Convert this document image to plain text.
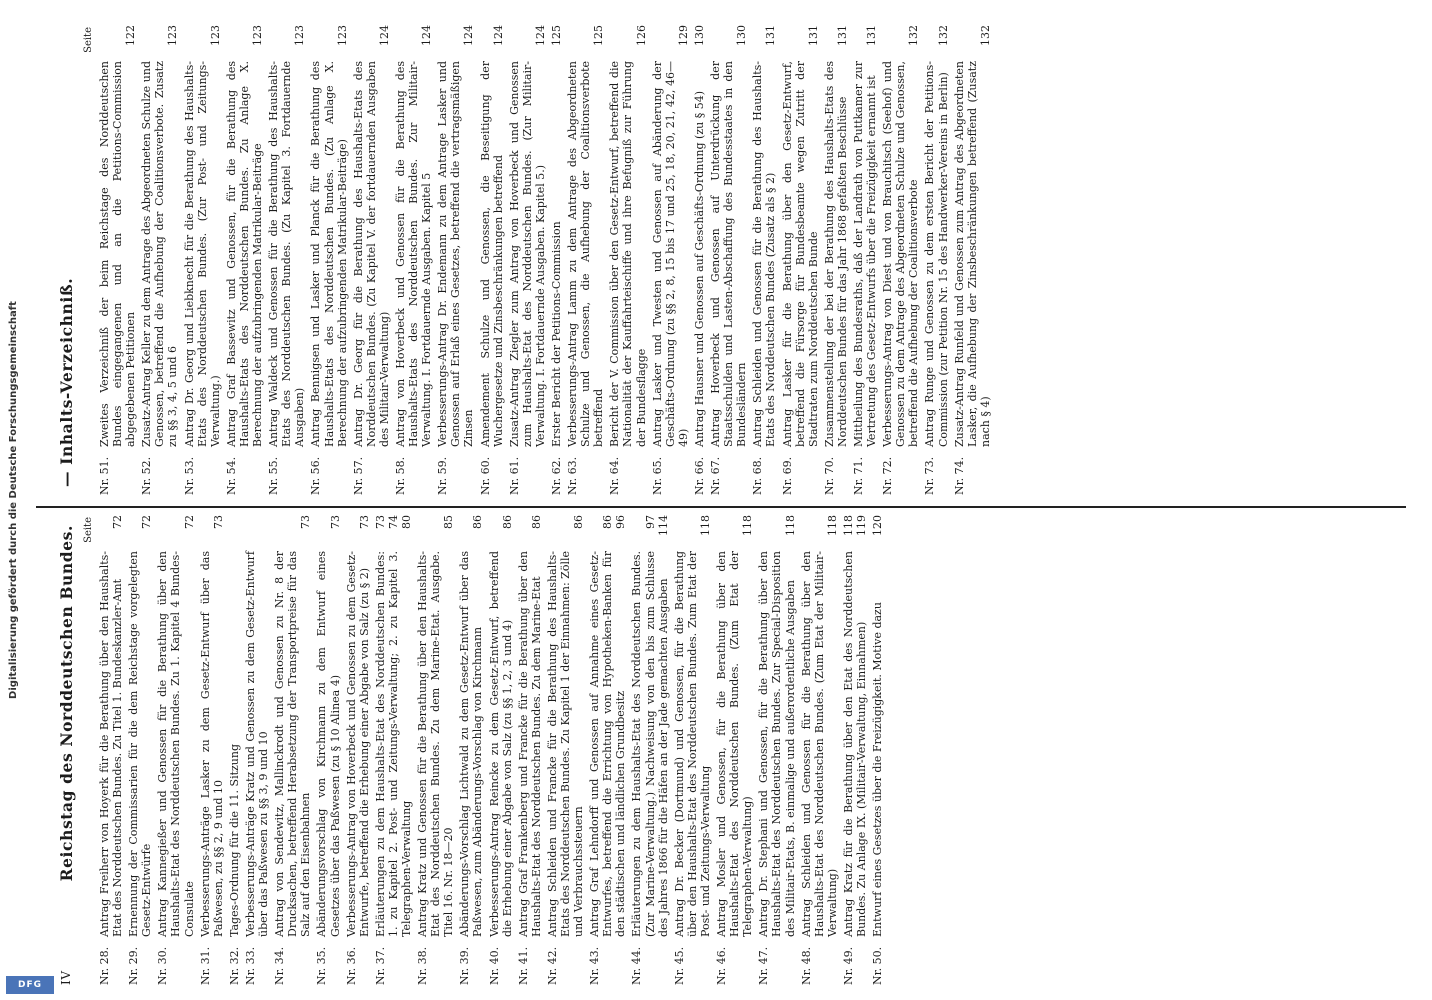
Digitalisierung gefördert durch die Deutsche Forschungsgemeinschaft
DFG IV
Reichstag des Norddeutschen Bundes. Seite
Nr. 28.
Antrag Freiherr von Hoyerk für die Berathung über den Haushalts-Etat des Norddeutschen Bundes. Zu Titel 1. Bundeskanzler-Amt
72
Nr. 29.
Ernennung der Commissarien für die dem Reichstage vorgelegten Gesetz-Entwürfe
72
Nr. 30.
Antrag Kannegießer und Genossen für die Berathung über den Haushalts-Etat des Norddeutschen Bundes. Zu 1. Kapitel 4 Bundes-Consulate
72
Nr. 31.
Verbesserungs-Anträge Lasker zu dem Gesetz-Entwurf über das Paßwesen, zu §§ 2, 9 und 10
73
Nr. 32.
Tages-Ordnung für die 11. Sitzung
Nr. 33.
Verbesserungs-Anträge Kratz und Genossen zu dem Gesetz-Entwurf über das Paßwesen zu §§ 3, 9 und 10
Nr. 34.
Antrag von Sendewitz, Mallinckrodt und Genossen zu Nr. 8 der Drucksachen, betreffend Herabsetzung der Transportpreise für das Salz auf den Eisenbahnen
73
Nr. 35.
Abänderungsvorschlag von Kirchmann zu dem Entwurf eines Gesetzes über das Paßwesen (zu § 10 Alinea 4)
73
Nr. 36.
Verbesserungs-Antrag von Hoverbeck und Genossen zu dem Gesetz-Entwurfe, betreffend die Erhebung einer Abgabe von Salz (zu § 2)
73
Nr. 37.
Erläuterungen zu dem Haushalts-Etat des Norddeutschen Bundes: 1. zu Kapitel 2. Post- und Zeitungs-Verwaltung; 2. zu Kapitel 3. Telegraphen-Verwaltung
73 74 80
Nr. 38.
Antrag Kratz und Genossen für die Berathung über den Haushalts-Etat des Norddeutschen Bundes. Zu dem Marine-Etat. Ausgabe. Titel 16. Nr. 18—20
85
Nr. 39.
Abänderungs-Vorschlag Lichtwald zu dem Gesetz-Entwurf über das Paßwesen, zum Abänderungs-Vorschlag von Kirchmann
86
Nr. 40.
Verbesserungs-Antrag Reincke zu dem Gesetz-Entwurf, betreffend die Erhebung einer Abgabe von Salz (zu §§ 1, 2, 3 und 4)
86
Nr. 41.
Antrag Graf Frankenberg und Francke für die Berathung über den Haushalts-Etat des Norddeutschen Bundes. Zu dem Marine-Etat
86
Nr. 42.
Antrag Schleiden und Francke für die Berathung des Haushalts-Etats des Norddeutschen Bundes. Zu Kapitel 1 der Einnahmen: Zölle und Verbrauchssteuern
86
Nr. 43.
Antrag Graf Lehndorff und Genossen auf Annahme eines Gesetz-Entwurfes, betreffend die Errichtung von Hypotheken-Banken für den städtischen und ländlichen Grundbesitz
86 96
Nr. 44.
Erläuterungen zu dem Haushalts-Etat des Norddeutschen Bundes. (Zur Marine-Verwaltung.) Nachweisung von den bis zum Schlusse des Jahres 1866 für die Häfen an der Jade gemachten Ausgaben
97 114
Nr. 45.
Antrag Dr. Becker (Dortmund) und Genossen, für die Berathung über den Haushalts-Etat des Norddeutschen Bundes. Zum Etat der Post- und Zeitungs-Verwaltung
118
Nr. 46.
Antrag Mosler und Genossen, für die Berathung über den Haushalts-Etat des Norddeutschen Bundes. (Zum Etat der Telegraphen-Verwaltung)
118
Nr. 47.
Antrag Dr. Stephani und Genossen, für die Berathung über den Haushalts-Etat des Norddeutschen Bundes. Zur Special-Disposition des Militair-Etats, B. einmalige und außerordentliche Ausgaben
118
Nr. 48.
Antrag Schleiden und Genossen für die Berathung über den Haushalts-Etat des Norddeutschen Bundes. (Zum Etat der Militair-Verwaltung)
118
Nr. 49.
Antrag Kratz für die Berathung über den Etat des Norddeutschen Bundes. Zu Anlage IX. (Militair-Verwaltung, Einnahmen)
118 119
Nr. 50.
Entwurf eines Gesetzes über die Freizügigkeit. Motive dazu
120
— Inhalts-Verzeichniß.
Seite
Nr. 51.
Zweites Verzeichniß der beim Reichstage des Norddeutschen Bundes eingegangenen und an die Petitions-Commission abgegebenen Petitionen
122
Nr. 52.
Zusatz-Antrag Keller zu dem Antrage des Abgeordneten Schulze und Genossen, betreffend die Aufhebung der Coalitionsverbote. Zusatz zu §§ 3, 4, 5 und 6
123
Nr. 53.
Antrag Dr. Georg und Liebknecht für die Berathung des Haushalts-Etats des Norddeutschen Bundes. (Zur Post- und Zeitungs-Verwaltung.)
123
Nr. 54.
Antrag Graf Bassewitz und Genossen, für die Berathung des Haushalts-Etats des Norddeutschen Bundes. Zu Anlage X. Berechnung der aufzubringenden Matrikular-Beiträge
123
Nr. 55.
Antrag Waldeck und Genossen für die Berathung des Haushalts-Etats des Norddeutschen Bundes. (Zu Kapitel 3. Fortdauernde Ausgaben)
123
Nr. 56.
Antrag Bennigsen und Lasker und Planck für die Berathung des Haushalts-Etats des Norddeutschen Bundes. (Zu Anlage X. Berechnung der aufzubringenden Matrikular-Beiträge)
123
Nr. 57.
Antrag Dr. Georg für die Berathung des Haushalts-Etats des Norddeutschen Bundes. (Zu Kapitel V. der fortdauernden Ausgaben des Militair-Verwaltung)
124
Nr. 58.
Antrag von Hoverbeck und Genossen für die Berathung des Haushalts-Etats des Norddeutschen Bundes. Zur Militair-Verwaltung. I. Fortdauernde Ausgaben. Kapitel 5
124
Nr. 59.
Verbesserungs-Antrag Dr. Endemann zu dem Antrage Lasker und Genossen auf Erlaß eines Gesetzes, betreffend die vertragsmäßigen Zinsen
124
Nr. 60.
Amendement Schulze und Genossen, die Beseitigung der Wuchergesetze und Zinsbeschränkungen betreffend
124
Nr. 61.
Zusatz-Antrag Ziegler zum Antrag von Hoverbeck und Genossen zum Haushalts-Etat des Norddeutschen Bundes. (Zur Militair-Verwaltung. I. Fortdauernde Ausgaben. Kapitel 5.)
124
Nr. 62.
Erster Bericht der Petitions-Commission
125
Nr. 63.
Verbesserungs-Antrag Lamm zu dem Antrage des Abgeordneten Schulze und Genossen, die Aufhebung der Coalitionsverbote betreffend
125
Nr. 64.
Bericht der V. Commission über den Gesetz-Entwurf, betreffend die Nationalität der Kauffahrteischiffe und ihre Befugniß zur Führung der Bundesflagge
126
Nr. 65.
Antrag Lasker und Twesten und Genossen auf Abänderung der Geschäfts-Ordnung (zu §§ 2, 8, 15 bis 17 und 25, 18, 20, 21, 42, 46—49)
129
Nr. 66.
Antrag Hausner und Genossen auf Geschäfts-Ordnung (zu § 54)
130
Nr. 67.
Antrag Hoverbeck und Genossen auf Unterdrückung der Staatsschulden und Lasten-Abschaffung des Bundesstaates in den Bundesländern
130
Nr. 68.
Antrag Schleiden und Genossen für die Berathung des Haushalts-Etats des Norddeutschen Bundes (Zusatz als § 2)
131
Nr. 69.
Antrag Lasker für die Berathung über den Gesetz-Entwurf, betreffend die Fürsorge für Bundesbeamte wegen Zutritt der Stadtraten zum Norddeutschen Bunde
131
Nr. 70.
Zusammenstellung der bei der Berathung des Haushalts-Etats des Norddeutschen Bundes für das Jahr 1868 gefaßten Beschlüsse
131
Nr. 71.
Mittheilung des Bundesraths, daß der Landrath von Puttkamer zur Vertretung des Gesetz-Entwurfs über die Freizügigkeit ernannt ist
131
Nr. 72.
Verbesserungs-Antrag von Diest und von Brauchitsch (Seehof) und Genossen zu dem Antrage des Abgeordneten Schulze und Genossen, betreffend die Aufhebung der Coalitionsverbote
132
Nr. 73.
Antrag Runge und Genossen zu dem ersten Bericht der Petitions-Commission (zur Petition Nr. 15 des Handwerker-Vereins in Berlin)
132
Nr. 74.
Zusatz-Antrag Runfeld und Genossen zum Antrag des Abgeordneten Lasker, die Aufhebung der Zinsbeschränkungen betreffend (Zusatz nach § 4)
132
